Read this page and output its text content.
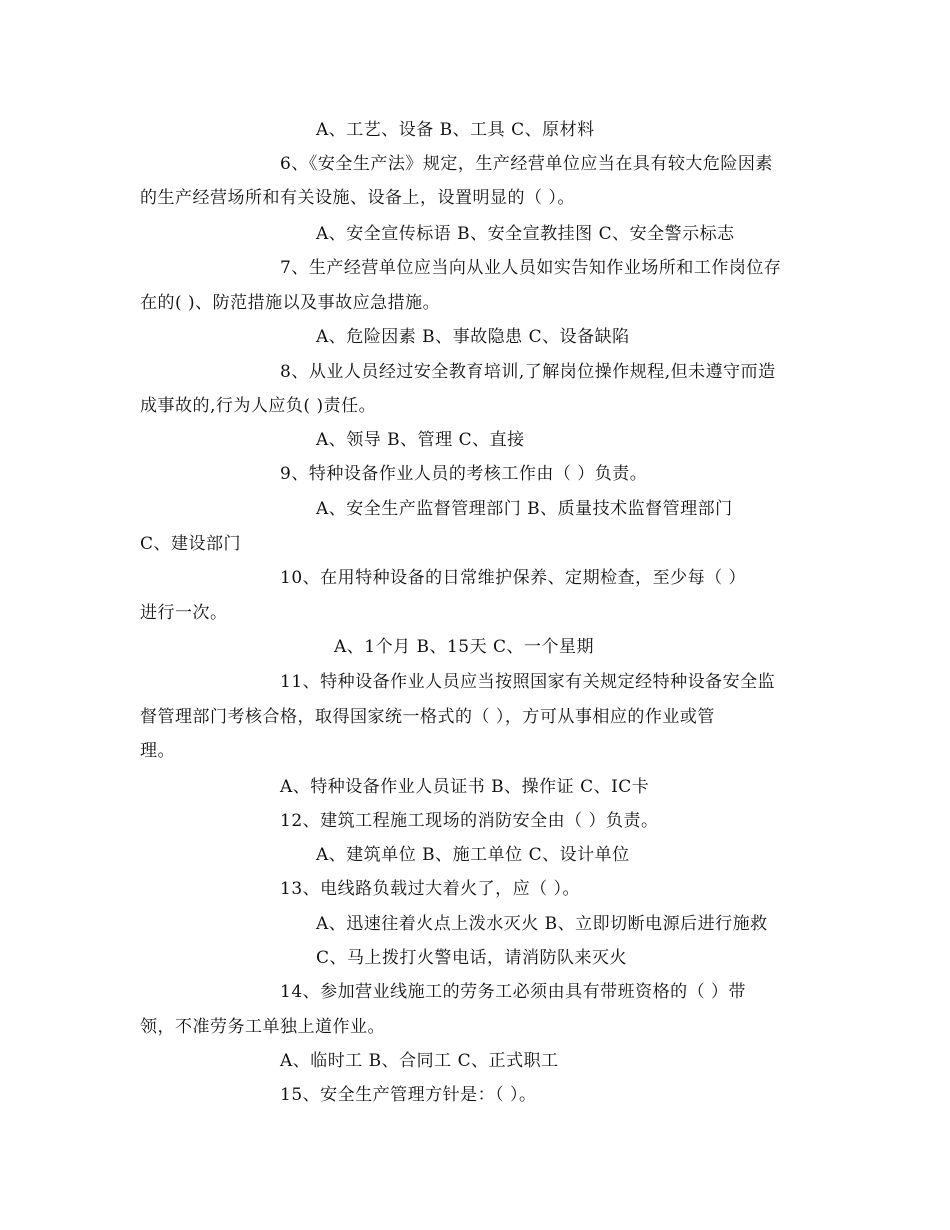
A、工艺、设备 B、工具 C、原材料
6、《安全生产法》规定，生产经营单位应当在具有较大危险因素
的生产经营场所和有关设施、设备上，设置明显的（ ）。
A、安全宣传标语 B、安全宣教挂图 C、安全警示标志
7、生产经营单位应当向从业人员如实告知作业场所和工作岗位存
在的( )、防范措施以及事故应急措施。
A、危险因素 B、事故隐患 C、设备缺陷
8、从业人员经过安全教育培训,了解岗位操作规程,但未遵守而造
成事故的,行为人应负( )责任。
A、领导 B、管理 C、直接
9、特种设备作业人员的考核工作由（ ）负责。
A、安全生产监督管理部门 B、质量技术监督管理部门
C、建设部门
10、在用特种设备的日常维护保养、定期检查，至少每（ ）
进行一次。
A、1个月 B、15天 C、一个星期
11、特种设备作业人员应当按照国家有关规定经特种设备安全监
督管理部门考核合格，取得国家统一格式的（ ），方可从事相应的作业或管
理。
A、特种设备作业人员证书 B、操作证 C、IC卡
12、建筑工程施工现场的消防安全由（ ）负责。
A、建筑单位 B、施工单位 C、设计单位
13、电线路负载过大着火了，应（ ）。
A、迅速往着火点上泼水灭火 B、立即切断电源后进行施救
C、马上拨打火警电话，请消防队来灭火
14、参加营业线施工的劳务工必须由具有带班资格的（ ）带
领，不准劳务工单独上道作业。
A、临时工 B、合同工 C、正式职工
15、安全生产管理方针是：（ ）。
